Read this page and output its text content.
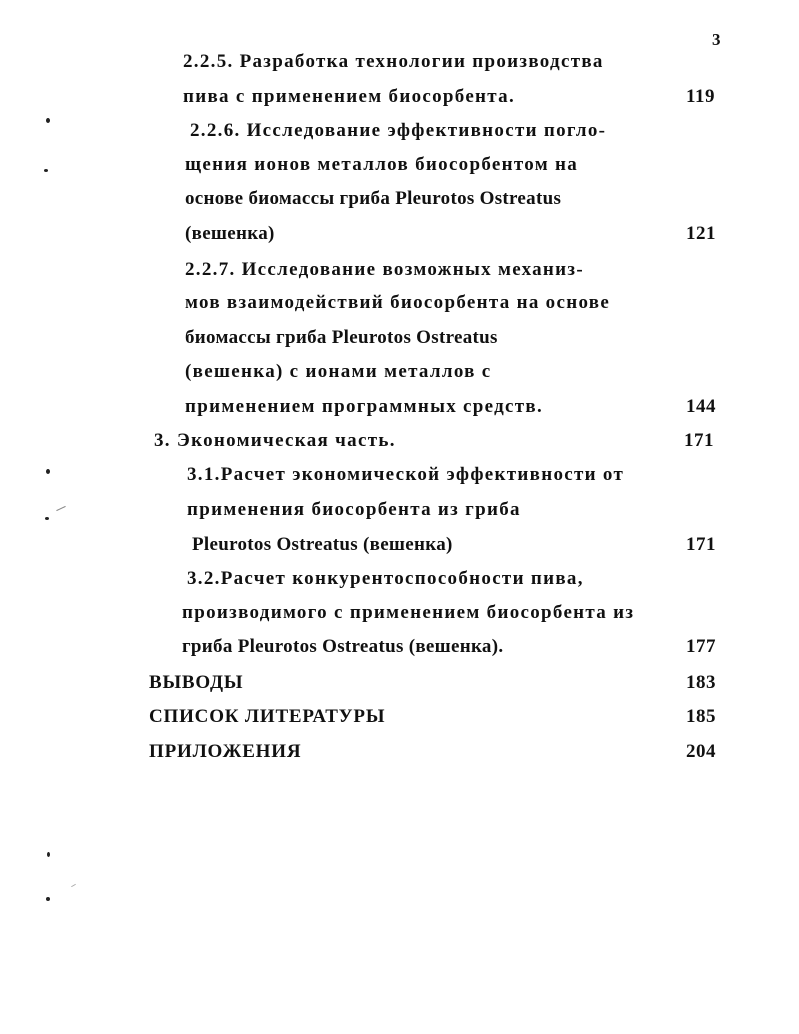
3
2.2.5. Разработка технологии производства
пива с применением биосорбента.	119
2.2.6. Исследование эффективности погло-
щения ионов металлов биосорбентом на
основе биомассы гриба Pleurotos Ostreatus
(вешенка)	121
2.2.7. Исследование возможных механиз-
мов взаимодействий биосорбента на основе
биомассы гриба Pleurotos Ostreatus
(вешенка) с ионами металлов с
применением программных средств.	144
3. Экономическая часть.	171
3.1.Расчет экономической эффективности от
применения биосорбента из гриба
Pleurotos Ostreatus (вешенка)	171
3.2.Расчет конкурентоспособности пива,
производимого с применением биосорбента из
гриба Pleurotos Ostreatus (вешенка).	177
ВЫВОДЫ	183
СПИСОК ЛИТЕРАТУРЫ	185
ПРИЛОЖЕНИЯ	204
